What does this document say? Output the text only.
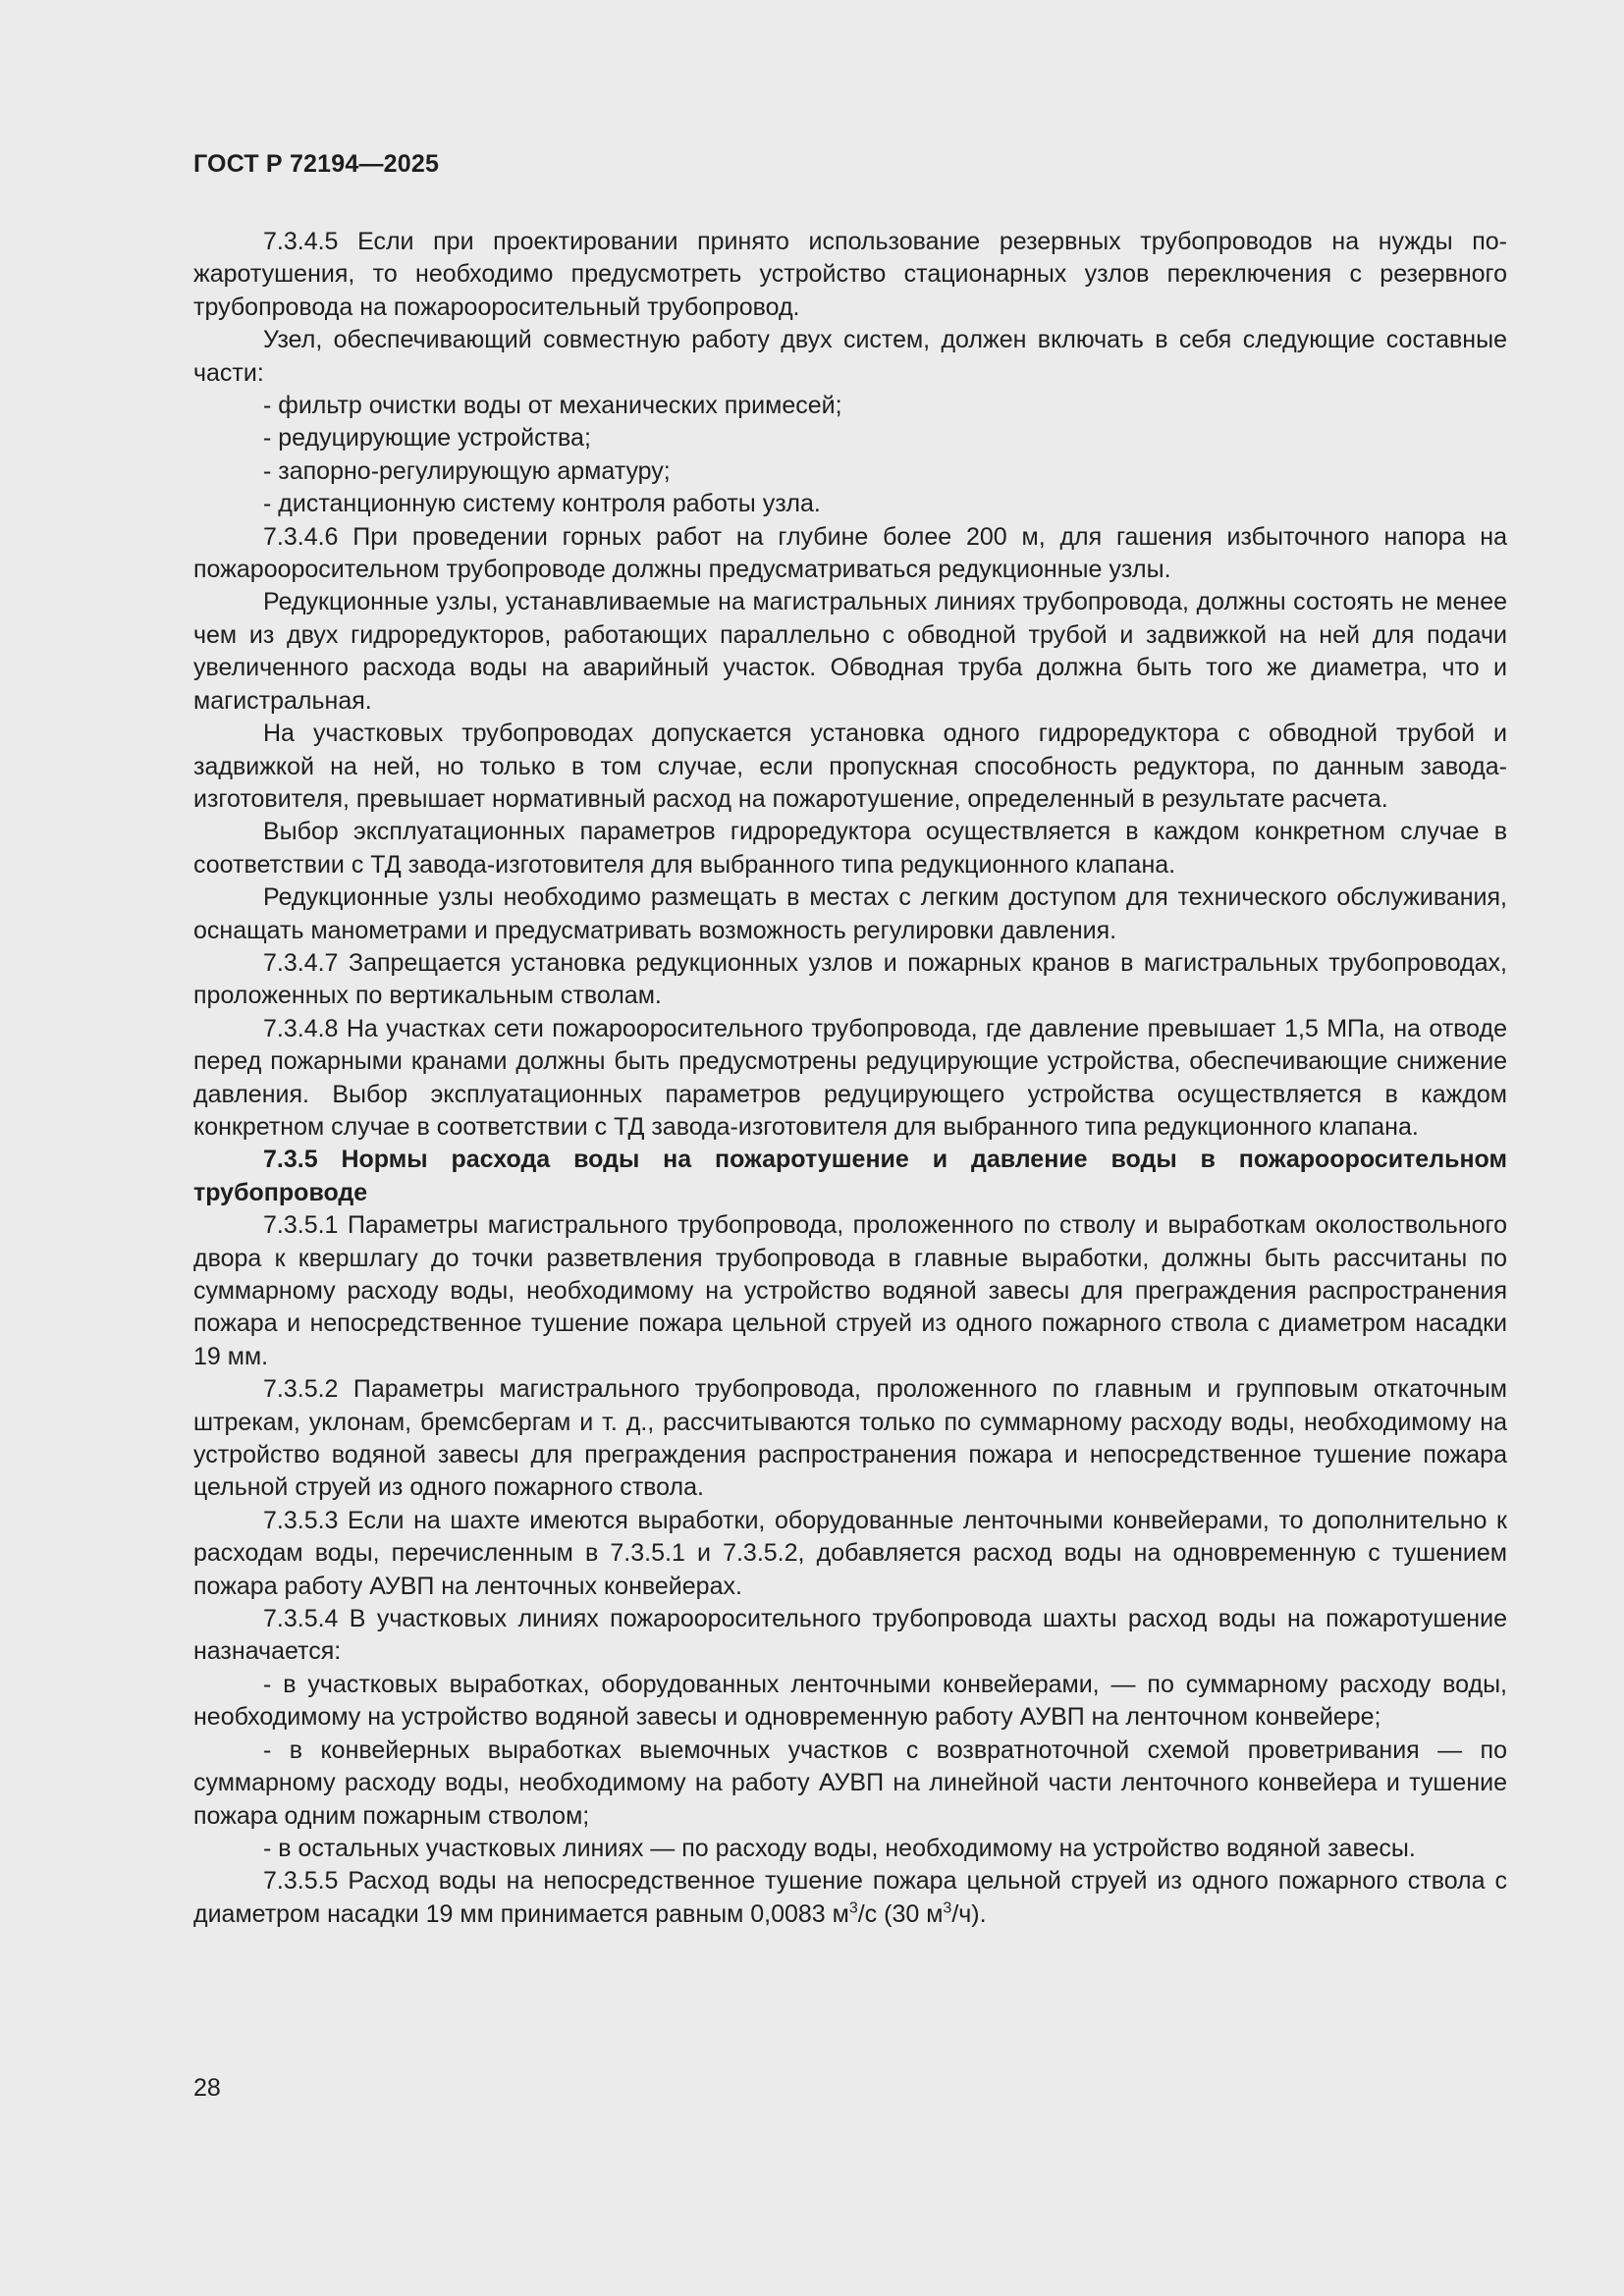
ГОСТ Р 72194—2025

7.3.4.5 Если при проектировании принято использование резервных трубопроводов на нужды пожаротушения, то необходимо предусмотреть устройство стационарных узлов переключения с резервного трубопровода на пожарооросительный трубопровод.

Узел, обеспечивающий совместную работу двух систем, должен включать в себя следующие составные части:

- фильтр очистки воды от механических примесей;

- редуцирующие устройства;

- запорно-регулирующую арматуру;

- дистанционную систему контроля работы узла.

7.3.4.6 При проведении горных работ на глубине более 200 м, для гашения избыточного напора на пожарооросительном трубопроводе должны предусматриваться редукционные узлы.

Редукционные узлы, устанавливаемые на магистральных линиях трубопровода, должны состоять не менее чем из двух гидроредукторов, работающих параллельно с обводной трубой и задвижкой на ней для подачи увеличенного расхода воды на аварийный участок. Обводная труба должна быть того же диаметра, что и магистральная.

На участковых трубопроводах допускается установка одного гидроредуктора с обводной трубой и задвижкой на ней, но только в том случае, если пропускная способность редуктора, по данным завода-изготовителя, превышает нормативный расход на пожаротушение, определенный в результате расчета.

Выбор эксплуатационных параметров гидроредуктора осуществляется в каждом конкретном случае в соответствии с ТД завода-изготовителя для выбранного типа редукционного клапана.

Редукционные узлы необходимо размещать в местах с легким доступом для технического обслуживания, оснащать манометрами и предусматривать возможность регулировки давления.

7.3.4.7 Запрещается установка редукционных узлов и пожарных кранов в магистральных трубопроводах, проложенных по вертикальным стволам.

7.3.4.8 На участках сети пожарооросительного трубопровода, где давление превышает 1,5 МПа, на отводе перед пожарными кранами должны быть предусмотрены редуцирующие устройства, обеспечивающие снижение давления. Выбор эксплуатационных параметров редуцирующего устройства осуществляется в каждом конкретном случае в соответствии с ТД завода-изготовителя для выбранного типа редукционного клапана.

7.3.5 Нормы расхода воды на пожаротушение и давление воды в пожарооросительном трубопроводе

7.3.5.1 Параметры магистрального трубопровода, проложенного по стволу и выработкам околоствольного двора к квершлагу до точки разветвления трубопровода в главные выработки, должны быть рассчитаны по суммарному расходу воды, необходимому на устройство водяной завесы для преграждения распространения пожара и непосредственное тушение пожара цельной струей из одного пожарного ствола с диаметром насадки 19 мм.

7.3.5.2 Параметры магистрального трубопровода, проложенного по главным и групповым откаточным штрекам, уклонам, бремсбергам и т. д., рассчитываются только по суммарному расходу воды, необходимому на устройство водяной завесы для преграждения распространения пожара и непосредственное тушение пожара цельной струей из одного пожарного ствола.

7.3.5.3 Если на шахте имеются выработки, оборудованные ленточными конвейерами, то дополнительно к расходам воды, перечисленным в 7.3.5.1 и 7.3.5.2, добавляется расход воды на одновременную с тушением пожара работу АУВП на ленточных конвейерах.

7.3.5.4 В участковых линиях пожарооросительного трубопровода шахты расход воды на пожаротушение назначается:

- в участковых выработках, оборудованных ленточными конвейерами, — по суммарному расходу воды, необходимому на устройство водяной завесы и одновременную работу АУВП на ленточном конвейере;

- в конвейерных выработках выемочных участков с возвратноточной схемой проветривания — по суммарному расходу воды, необходимому на работу АУВП на линейной части ленточного конвейера и тушение пожара одним пожарным стволом;

- в остальных участковых линиях — по расходу воды, необходимому на устройство водяной завесы.

7.3.5.5 Расход воды на непосредственное тушение пожара цельной струей из одного пожарного ствола с диаметром насадки 19 мм принимается равным 0,0083 $м^3/с$ (30 $м^3/ч$).

28
